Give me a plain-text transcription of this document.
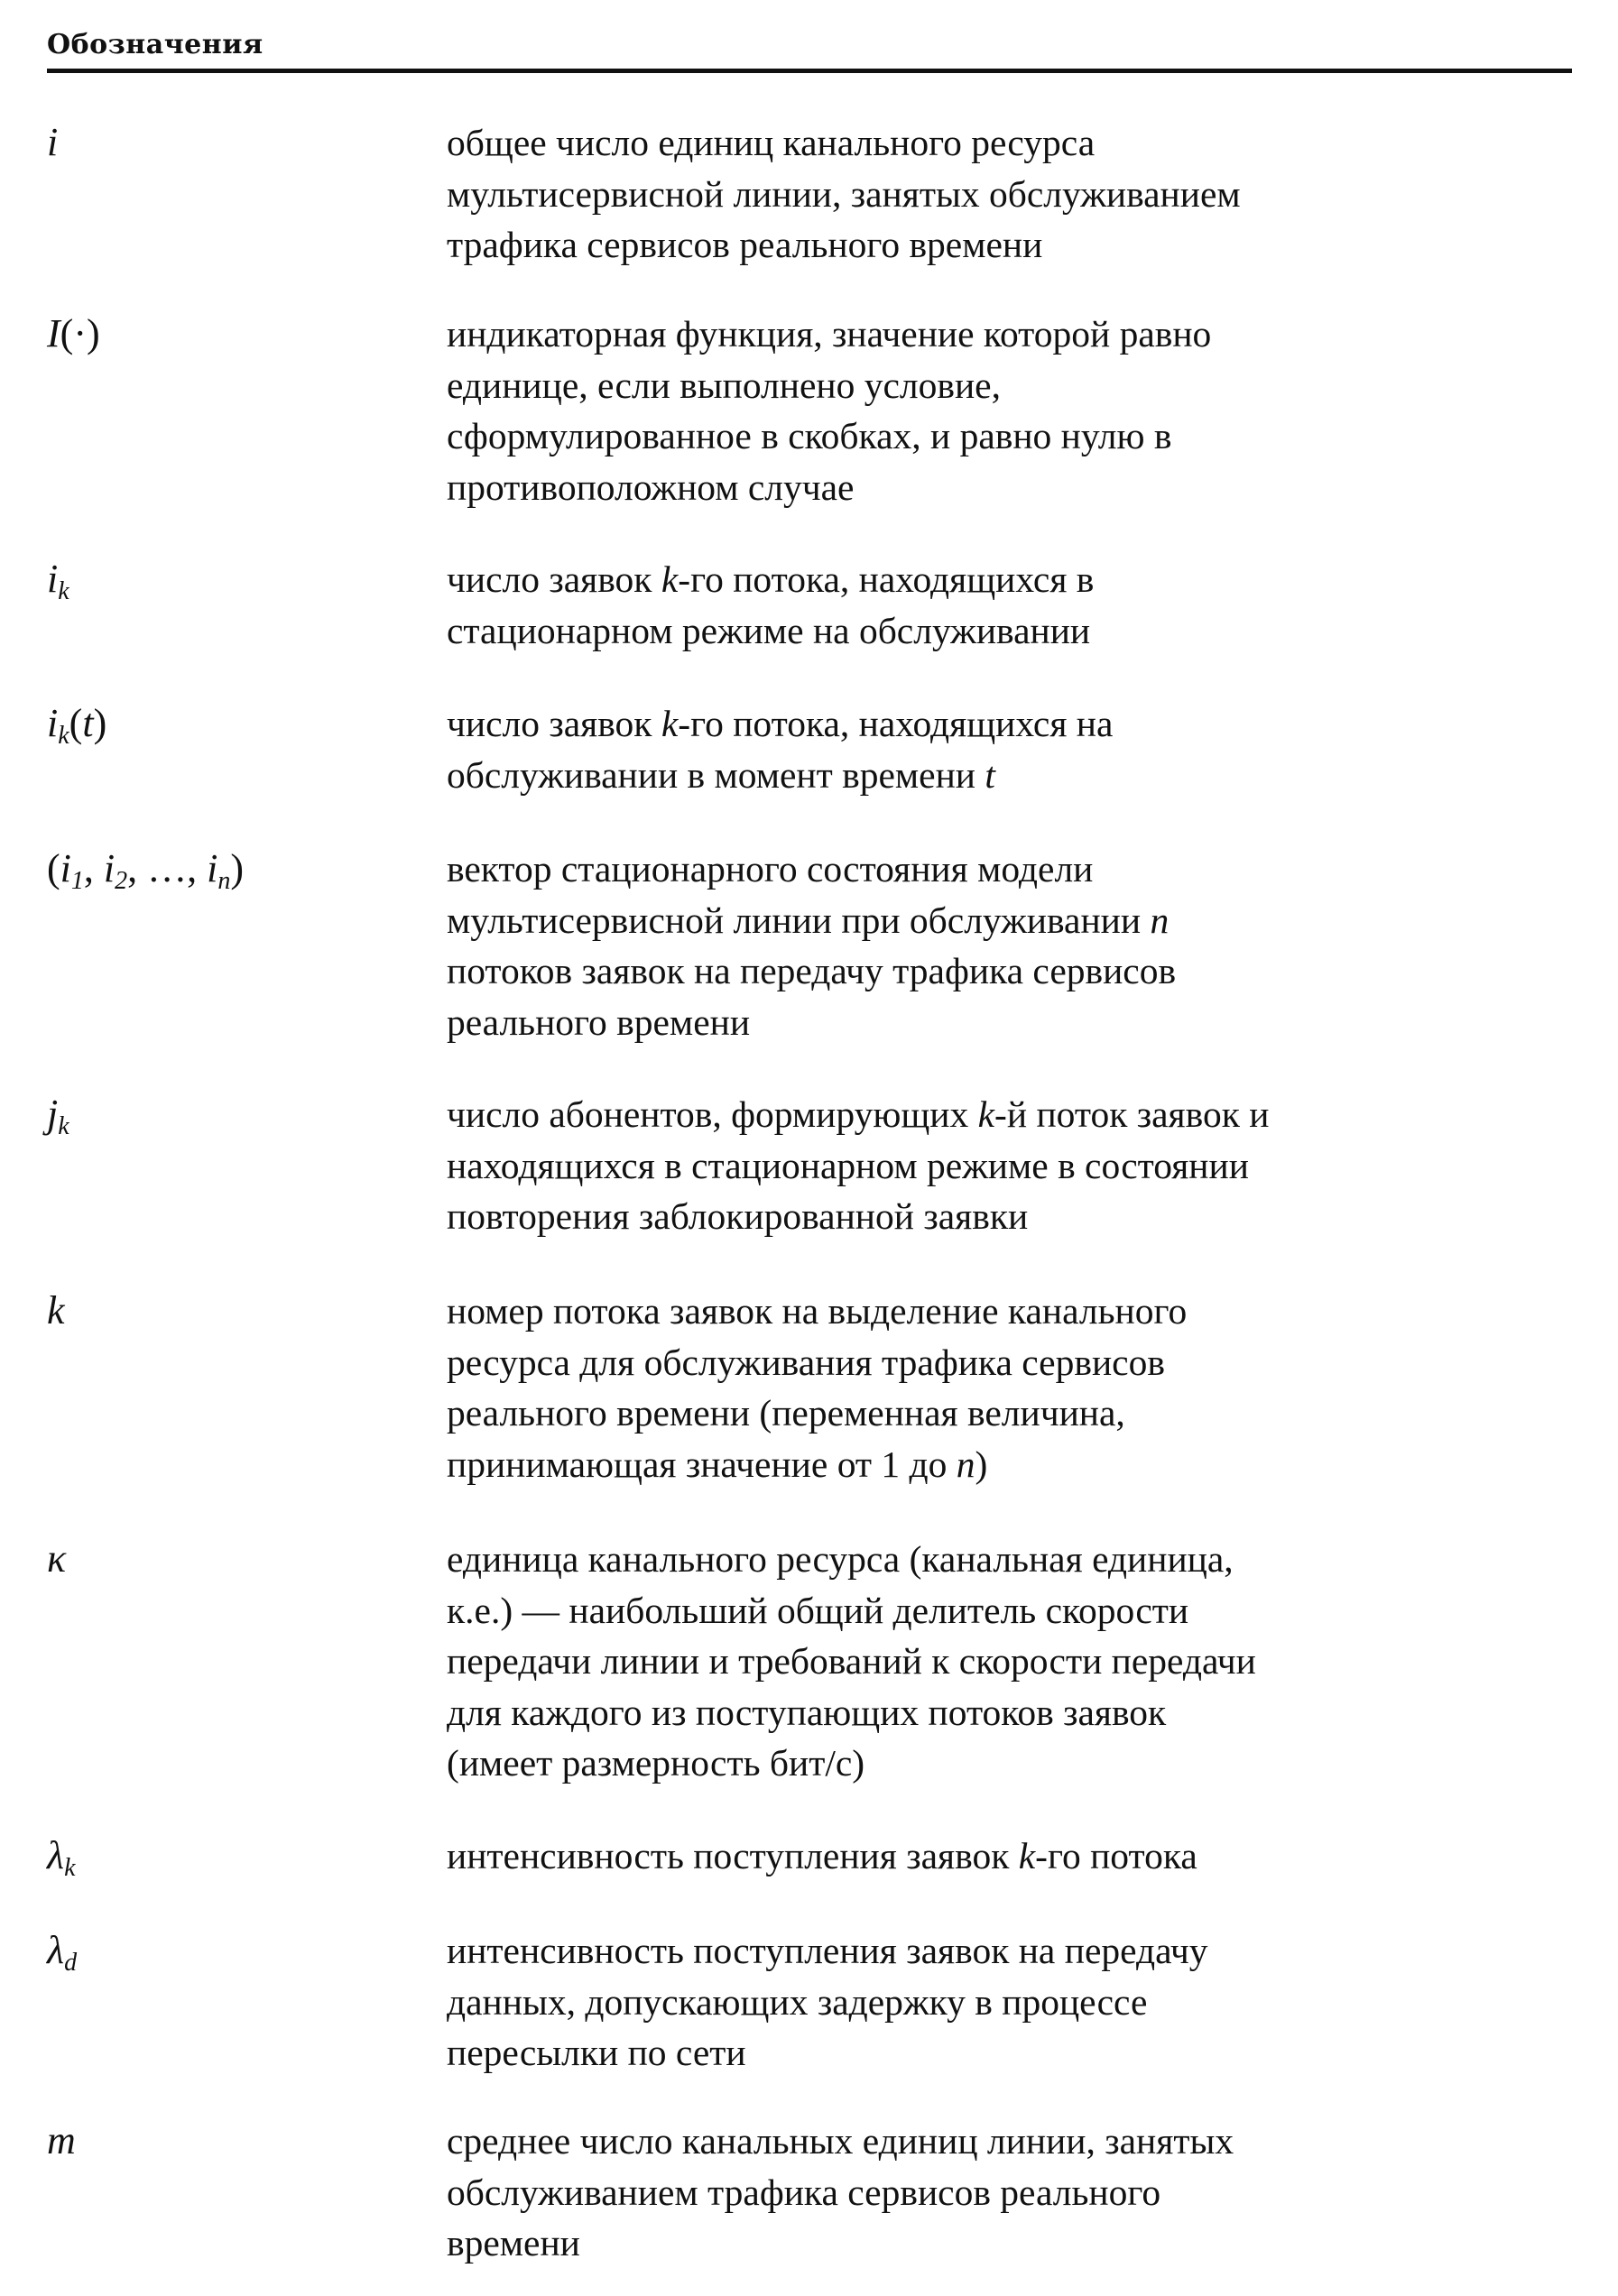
Обозначения
i	общее число единиц канального ресурса
мультисервисной линии, занятых обслуживанием
трафика сервисов реального времени
I(·)	индикаторная функция, значение которой равно
единице, если выполнено условие,
сформулированное в скобках, и равно нулю в
противоположном случае
$i_k$	число заявок k-го потока, находящихся в
стационарном режиме на обслуживании
$i_k(t)$	число заявок k-го потока, находящихся на
обслуживании в момент времени t
($i_1$, $i_2$, …, $i_n$)	вектор стационарного состояния модели
мультисервисной линии при обслуживании n
потоков заявок на передачу трафика сервисов
реального времени
$j_k$	число абонентов, формирующих k-й поток заявок и
находящихся в стационарном режиме в состоянии
повторения заблокированной заявки
k	номер потока заявок на выделение канального
ресурса для обслуживания трафика сервисов
реального времени (переменная величина,
принимающая значение от 1 до n)
κ	единица канального ресурса (канальная единица,
к.е.) — наибольший общий делитель скорости
передачи линии и требований к скорости передачи
для каждого из поступающих потоков заявок
(имеет размерность бит/с)
$\lambda_k$	интенсивность поступления заявок k-го потока
$\lambda_d$	интенсивность поступления заявок на передачу
данных, допускающих задержку в процессе
пересылки по сети
m	среднее число канальных единиц линии, занятых
обслуживанием трафика сервисов реального
времени
